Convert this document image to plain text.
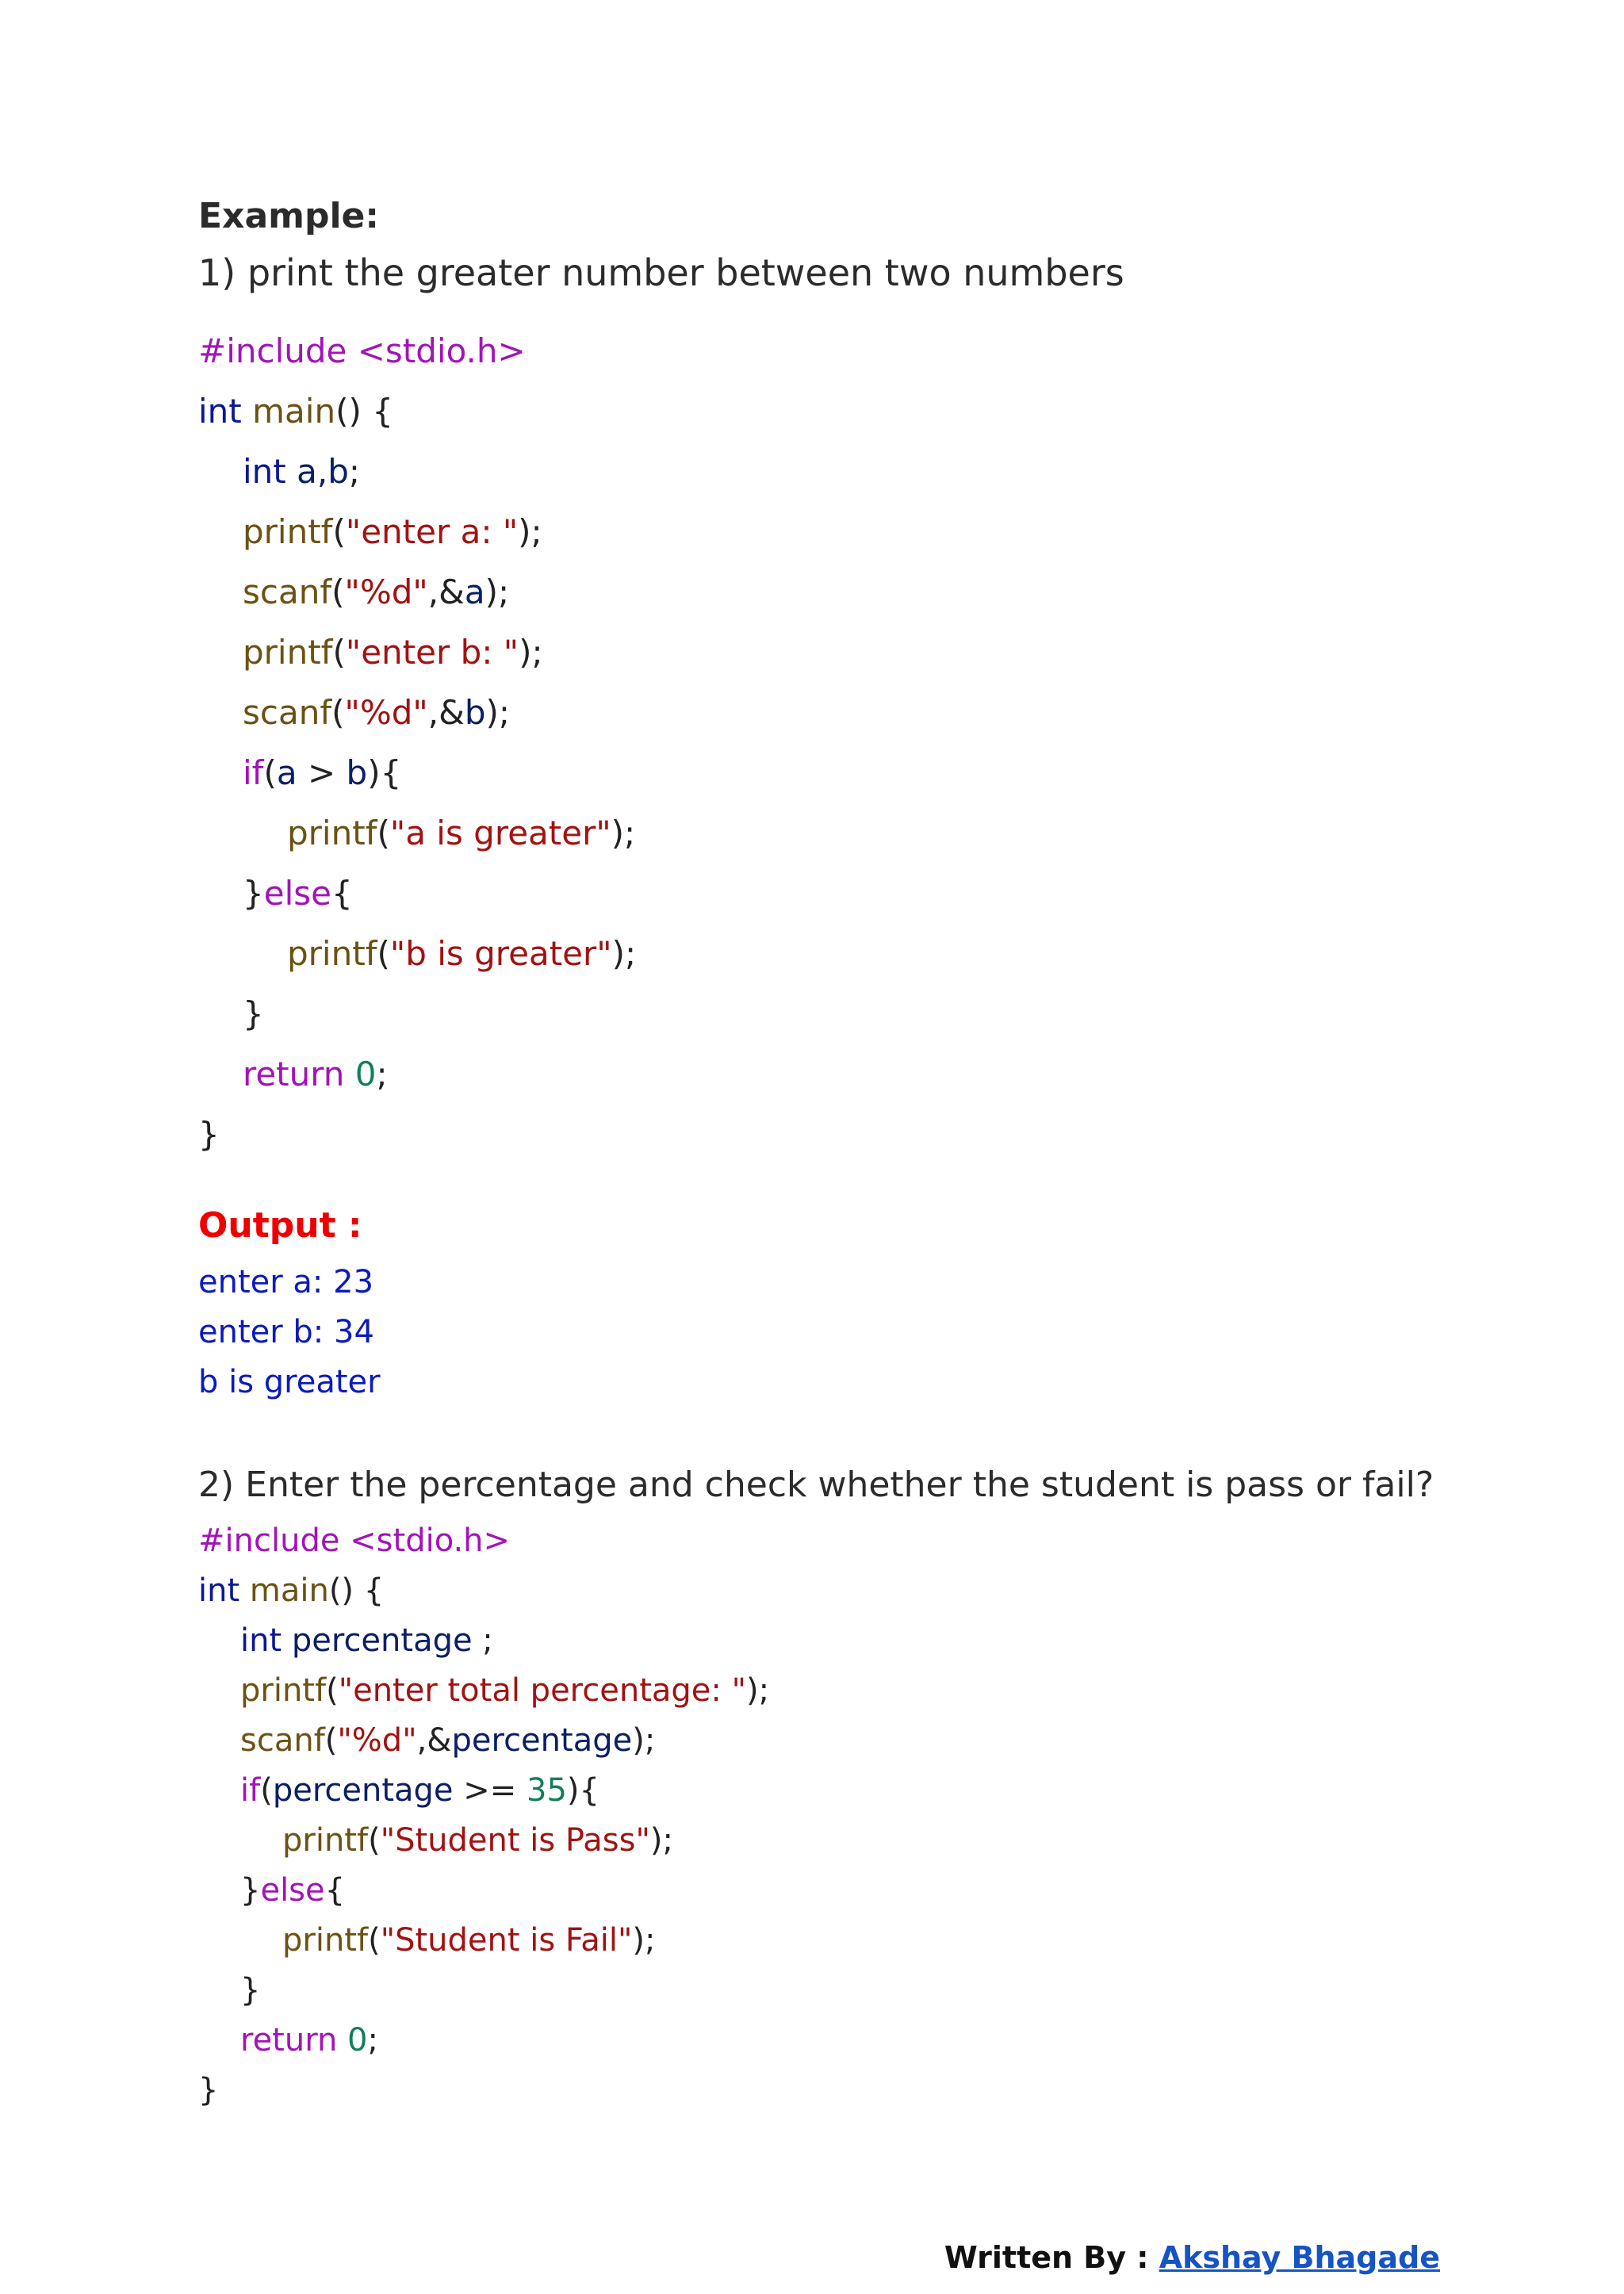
Example:
1) print the greater number between two numbers
#include <stdio.h>
int main() {
int a,b;
printf("enter a: ");
scanf("%d",&a);
printf("enter b: ");
scanf("%d",&b);
if(a > b){
printf("a is greater");
}else{
printf("b is greater");
}
return 0;
}
Output :
enter a: 23
enter b: 34
b is greater
2) Enter the percentage and check whether the student is pass or fail?
#include <stdio.h>
int main() {
int percentage ;
printf("enter total percentage: ");
scanf("%d",&percentage);
if(percentage >= 35){
printf("Student is Pass");
}else{
printf("Student is Fail");
}
return 0;
}
Written By : Akshay Bhagade
